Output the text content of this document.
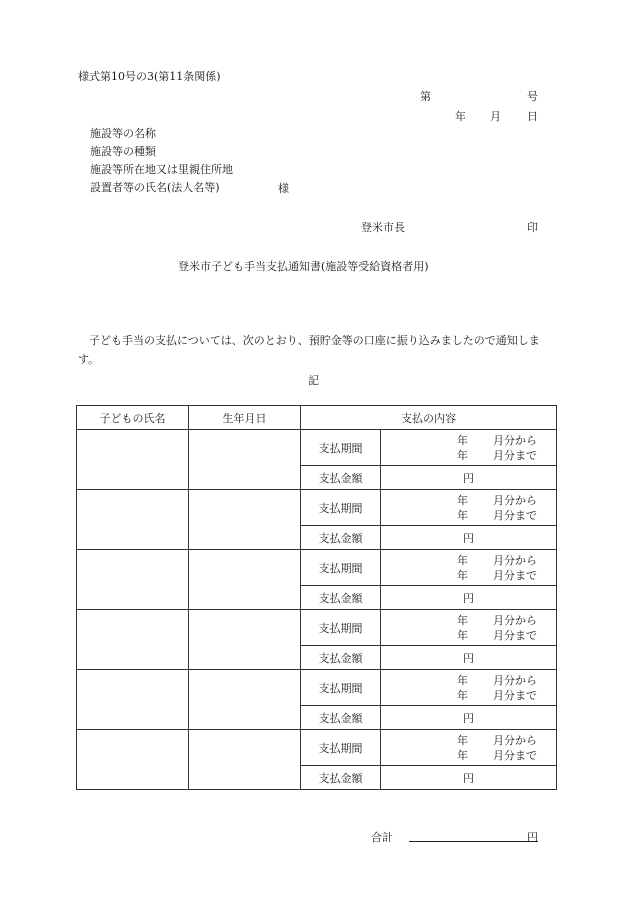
様式第10号の3(第11条関係)
第	号
年 月 日
施設等の名称
施設等の種類
施設等所在地又は里親住所地
設置者等の氏名(法人名等)	様
登米市長	印
登米市子ども手当支払通知書(施設等受給資格者用)
子ども手当の支払については、次のとおり、預貯金等の口座に振り込みましたので通知します。
記
子どもの氏名	生年月日	支払の内容	
		支払期間	年 月分から
年 月分まで

		支払金額	円
		支払期間	年 月分から
年 月分まで

		支払金額	円
		支払期間	年 月分から
年 月分まで

		支払金額	円
		支払期間	年 月分から
年 月分まで

		支払金額	円
		支払期間	年 月分から
年 月分まで

		支払金額	円
		支払期間	年 月分から
年 月分まで

		支払金額	円
合計	円
